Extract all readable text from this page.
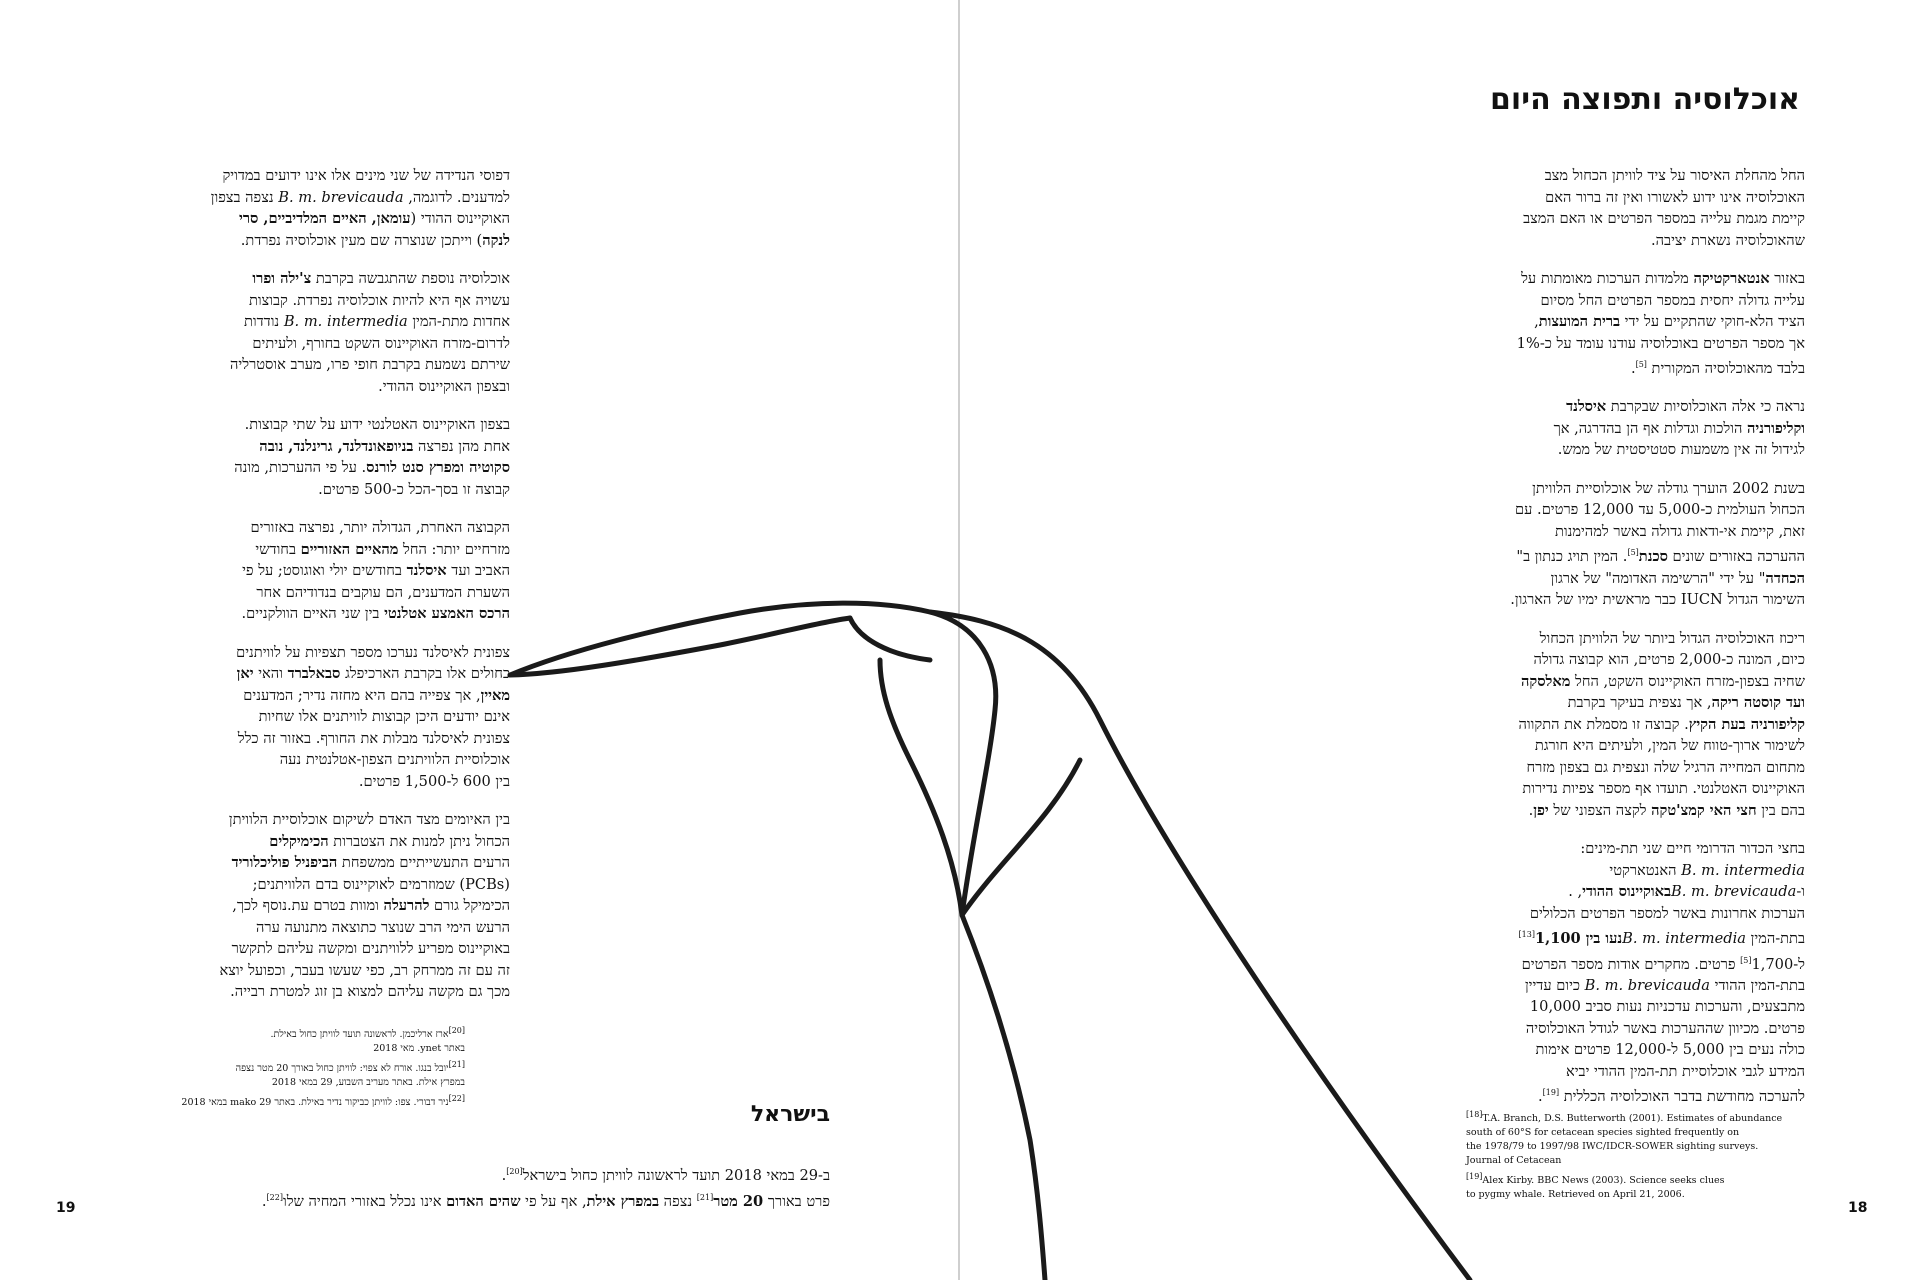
אוכלוסיה ותפוצה היום

החל מהחלת האיסור על ציד לוויתן הכחול מצב
האוכלוסיה אינו ידוע לאשורו ואין זה ברור האם
קיימת מגמת עלייה במספר הפרטים או האם המצב
שהאוכלוסיה נשארת יציבה.

באזור אנטארקטיקה מלמדות הערכות מאומתות על
עלייה גדולה יחסית במספר הפרטים החל מסיום
הציד הלא-חוקי שהתקיים על ידי ברית המועצות,
אך מספר הפרטים באוכלוסיה עודנו עומד על כ-1%
בלבד מהאוכלוסיה המקורית [5].

נראה כי אלה האוכלוסיות שבקרבת איסלנד
וקליפורניה הולכות וגדלות אף הן בהדרגה, אך
לגידול זה אין משמעות סטטיסטית של ממש.

בשנת 2002 הוערך גודלה של אוכלוסיית הלוויתן
הכחול העולמית כ-5,000 עד 12,000 פרטים. עם
זאת, קיימת אי-ודאות גדולה באשר למהימנות
ההערכה באזורים שונים סכנת[5]. המין תויג כנתון ב"
הכחדה" על ידי "הרשימה האדומה" של ארגון
השימור הגדול IUCN כבר מראשית ימיו של הארגון.

ריכוז האוכלוסיה הגדול ביותר של הלוויתן הכחול
כיום, המונה כ-2,000 פרטים, הוא קבוצה גדולה
שחיה בצפון-מזרח האוקיינוס השקט, החל מאלסקה
ועד קוסטה ריקה, אך נצפית בעיקר בקרבת
קליפורניה בעת הקיץ. קבוצה זו מסמלת את התקווה
לשימור ארוך-טווח של המין, ולעיתים היא חורגת
מתחום המחייה הרגיל שלה ונצפית גם בצפון מזרח
האוקיינוס האטלנטי. תועדו אף מספר צפיות נדירות
בהם בין חצי האי קמצ'טקה לקצה הצפוני של יפן.

בחצי הכדור הדרומי חיים שני תת-מינים:
B. m. intermedia האנטארקטי
ו-B. m. brevicaudaבאוקיינוס ההודי, .
הערכות אחרונות באשר למספר הפרטים הכלולים
בתת-המין B. m. intermediaנעו בין 1,100[13]
ל-1,700[5] פרטים. מחקרים אודות מספר הפרטים
בתת-המין ההודי B. m. brevicauda כיום עדיין
מתבצעים, והערכות עדכניות נעות סביב 10,000
פרטים. מכיוון שההערכות באשר לגודל האוכלוסיה
כולה נעים בין 5,000 ל-12,000 פרטים אימות
המידע לגבי אוכלוסיית תת-המין ההודי יביא
להערכה מחודשת בדבר האוכלוסיה הכללית [19].

[18]T.A. Branch, D.S. Butterworth (2001). Estimates of abundance
south of 60°S for cetacean species sighted frequently on
the 1978/79 to 1997/98 IWC/IDCR-SOWER sighting surveys.
Journal of Cetacean
[19]Alex Kirby. BBC News (2003). Science seeks clues
to pygmy whale. Retrieved on April 21, 2006.

דפוסי הנדידה של שני מינים אלו אינו ידועים במדויק
למדענים. לדוגמה, B. m. brevicauda נצפה בצפון
האוקיינוס ההודי (עומאן, האיים המלדיביים, סרי
לנקה) וייתכן שנוצרה שם מעין אוכלוסיה נפרדת.

אוכלוסיה נוספת שהתגבשה בקרבת צ'ילה ופרו
עשויה אף היא להיות אוכלוסיה נפרדת. קבוצות
אחדות מתת-המין B. m. intermedia נודדות
לדרום-מזרח האוקיינוס השקט בחורף, ולעיתים
שירתם נשמעת בקרבת חופי פרו, מערב אוסטרליה
ובצפון האוקיינוס ההודי.

בצפון האוקיינוס האטלנטי ידוע על שתי קבוצות.
אחת מהן נפרצה בניופאונדלנד, גרינלנד, נובה
סקוטיה ומפרץ סנט לורנס. על פי ההערכות, מונה
קבוצה זו בסך-הכל כ-500 פרטים.

הקבוצה האחרת, הגדולה יותר, נפרצה באזורים
מזרחיים יותר: החל מהאיים האזוריים בחודשי
האביב ועד איסלנד בחודשים יולי ואוגוסט; על פי
השערת המדענים, הם עוקבים בנדודיהם אחר
הרכס האמצע אטלנטי בין שני האיים הוולקניים.

צפונית לאיסלנד נערכו מספר תצפיות על לוויתנים
כחולים אלו בקרבת הארכיפלג סבאלברד והאי יאן
מאיין, אך צפייה בהם היא מחזה נדיר; המדענים
אינם יודעים היכן קבוצות לוויתנים אלו שחיות
צפונית לאיסלנד מבלות את החורף. באזור זה כלל
אוכלוסיית הלוויתנים הצפון-אטלנטית נעה
בין 600 ל-1,500 פרטים.

בין האיומים מצד האדם לשיקום אוכלוסיית הלוויתן
הכחול ניתן למנות את הצטברות הכימיקלים
הרעים התעשייתיים ממשפחת הביפניל פוליכלוריד
(PCBs) שמוזרמים לאוקיינוס בדם הלוויתנים;
הכימיקל גורם להרעלה ומוות בטרם עת.נוסף לכך,
הרעש הימי הרב שנוצר כתוצאה מתנועה ערה
באוקיינוס מפריע ללוויתנים ומקשה עליהם לתקשר
זה עם זה ממרחק רב, כפי שעשו בעבר, וכפועל יוצא
מכך גם מקשה עליהם למצוא בן זוג למטרת רבייה.

[20]ארז ארליכמן. לראשונה תועד לוויתן כחול באילת.
באתר ynet. מאי 2018
[21]יובל בנגו. אורח לא צפוי: לוויתן כחול באורך 20 מטר נצפה
במפרץ אילת. באתר מעריב השבוע, 29 במאי 2018
[22]ניר דבורי. צפו: לוויתן כביקור נדיר באילת. באתר mako 29 במאי 2018	בישראל
ב-29 במאי 2018 תועד לראשונה לוויתן כחול בישראל[20].
פרט באורך 20 מטר[21] נצפה במפרץ אילת, אף על פי שהים האדום אינו נכלל באזורי המחיה שלו[22].
19	18
